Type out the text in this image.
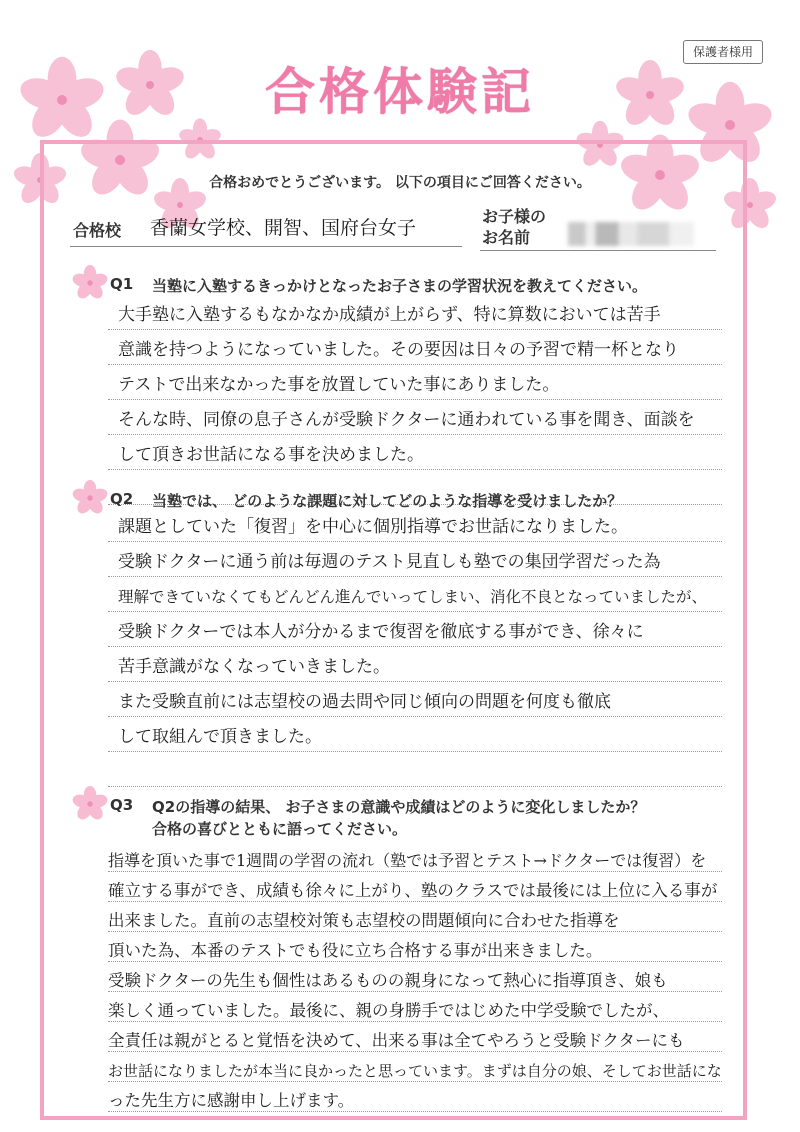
保護者様用
合格体験記
合格おめでとうございます。 以下の項目にご回答ください。
合格校 香蘭女学校、開智、国府台女子
お子様の
お名前
Q1 当塾に入塾するきっかけとなったお子さまの学習状況を教えてください。

大手塾に入塾するもなかなか成績が上がらず、特に算数においては苦手

意識を持つようになっていました。その要因は日々の予習で精一杯となり

テストで出来なかった事を放置していた事にありました。

そんな時、同僚の息子さんが受験ドクターに通われている事を聞き、面談を

して頂きお世話になる事を決めました。

Q2 当塾では、 どのような課題に対してどのような指導を受けましたか？

課題としていた「復習」を中心に個別指導でお世話になりました。

受験ドクターに通う前は毎週のテスト見直しも塾での集団学習だった為

理解できていなくてもどんどん進んでいってしまい、消化不良となっていましたが、

受験ドクターでは本人が分かるまで復習を徹底する事ができ、徐々に

苦手意識がなくなっていきました。

また受験直前には志望校の過去問や同じ傾向の問題を何度も徹底

して取組んで頂きました。

Q3 Q2の指導の結果、 お子さまの意識や成績はどのように変化しましたか？
合格の喜びとともに語ってください。

指導を頂いた事で1週間の学習の流れ（塾では予習とテスト→ドクターでは復習）を

確立する事ができ、成績も徐々に上がり、塾のクラスでは最後には上位に入る事が

出来ました。直前の志望校対策も志望校の問題傾向に合わせた指導を

頂いた為、本番のテストでも役に立ち合格する事が出来きました。

受験ドクターの先生も個性はあるものの親身になって熱心に指導頂き、娘も

楽しく通っていました。最後に、親の身勝手ではじめた中学受験でしたが、

全責任は親がとると覚悟を決めて、出来る事は全てやろうと受験ドクターにも

お世話になりましたが本当に良かったと思っています。まずは自分の娘、そしてお世話にな

った先生方に感謝申し上げます。
